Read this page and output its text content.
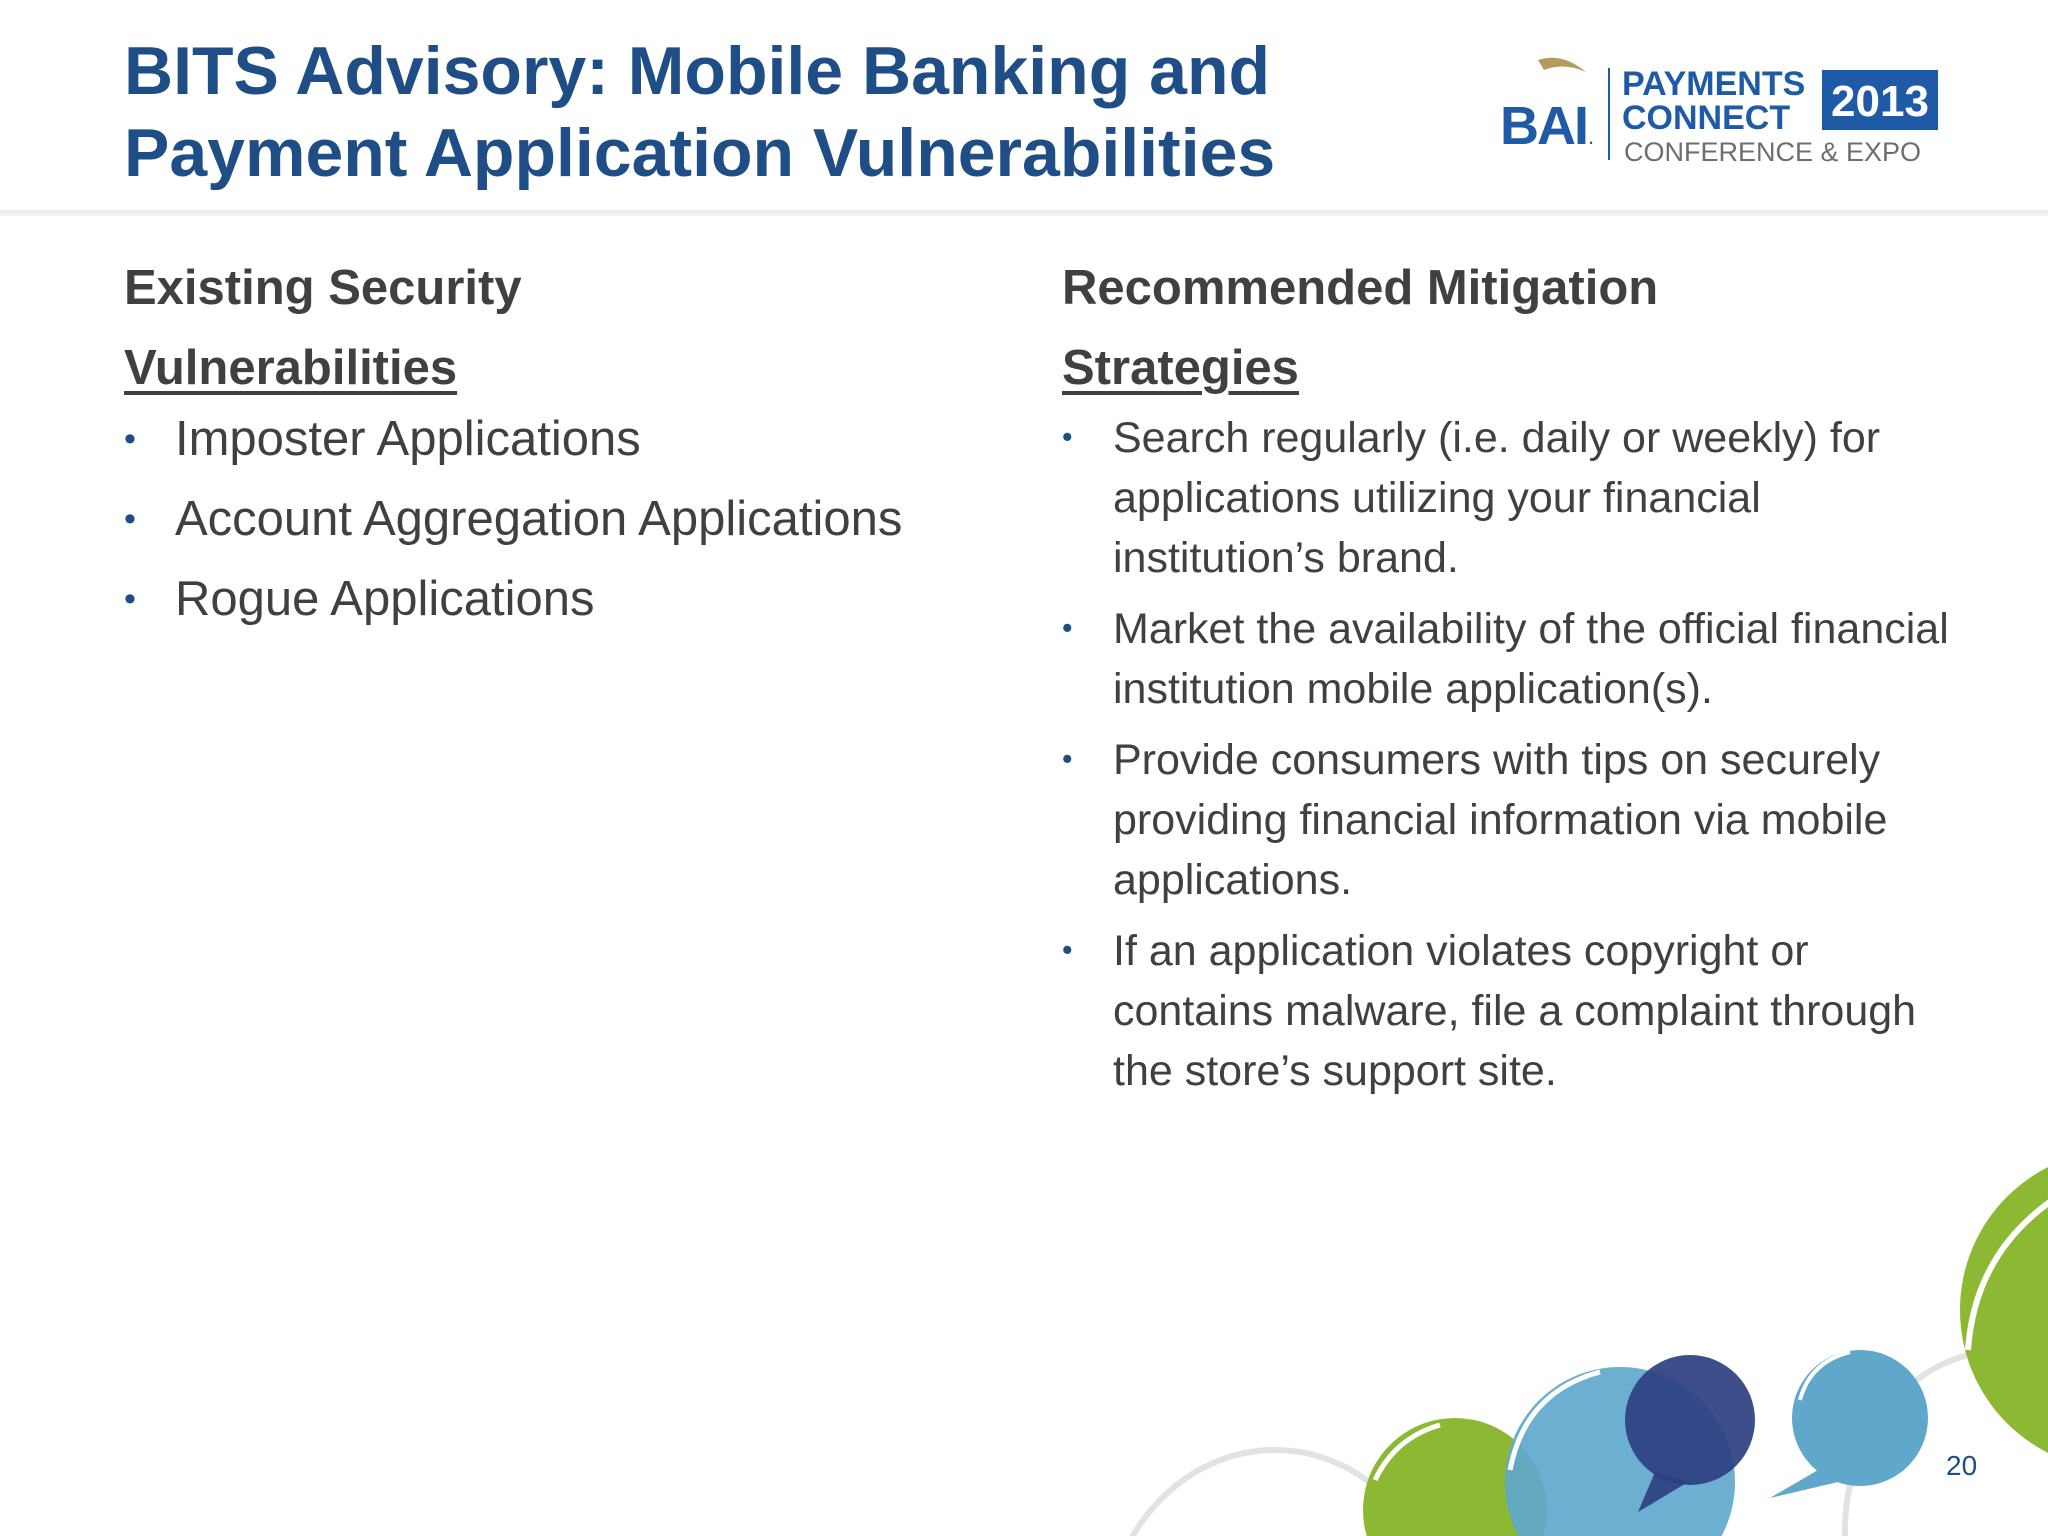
BITS Advisory: Mobile Banking and
Payment Application Vulnerabilities	BAI .
PAYMENTS
CONNECT 2013
CONFERENCE & EXPO
Existing Security
Vulnerabilities
• Imposter Applications
• Account Aggregation Applications
• Rogue Applications
Recommended Mitigation
Strategies
• Search regularly (i.e. daily or weekly) for applications utilizing your financial institution’s brand.
• Market the availability of the official financial institution mobile application(s).
• Provide consumers with tips on securely providing financial information via mobile applications.
• If an application violates copyright or contains malware, file a complaint through the store’s support site.
20
